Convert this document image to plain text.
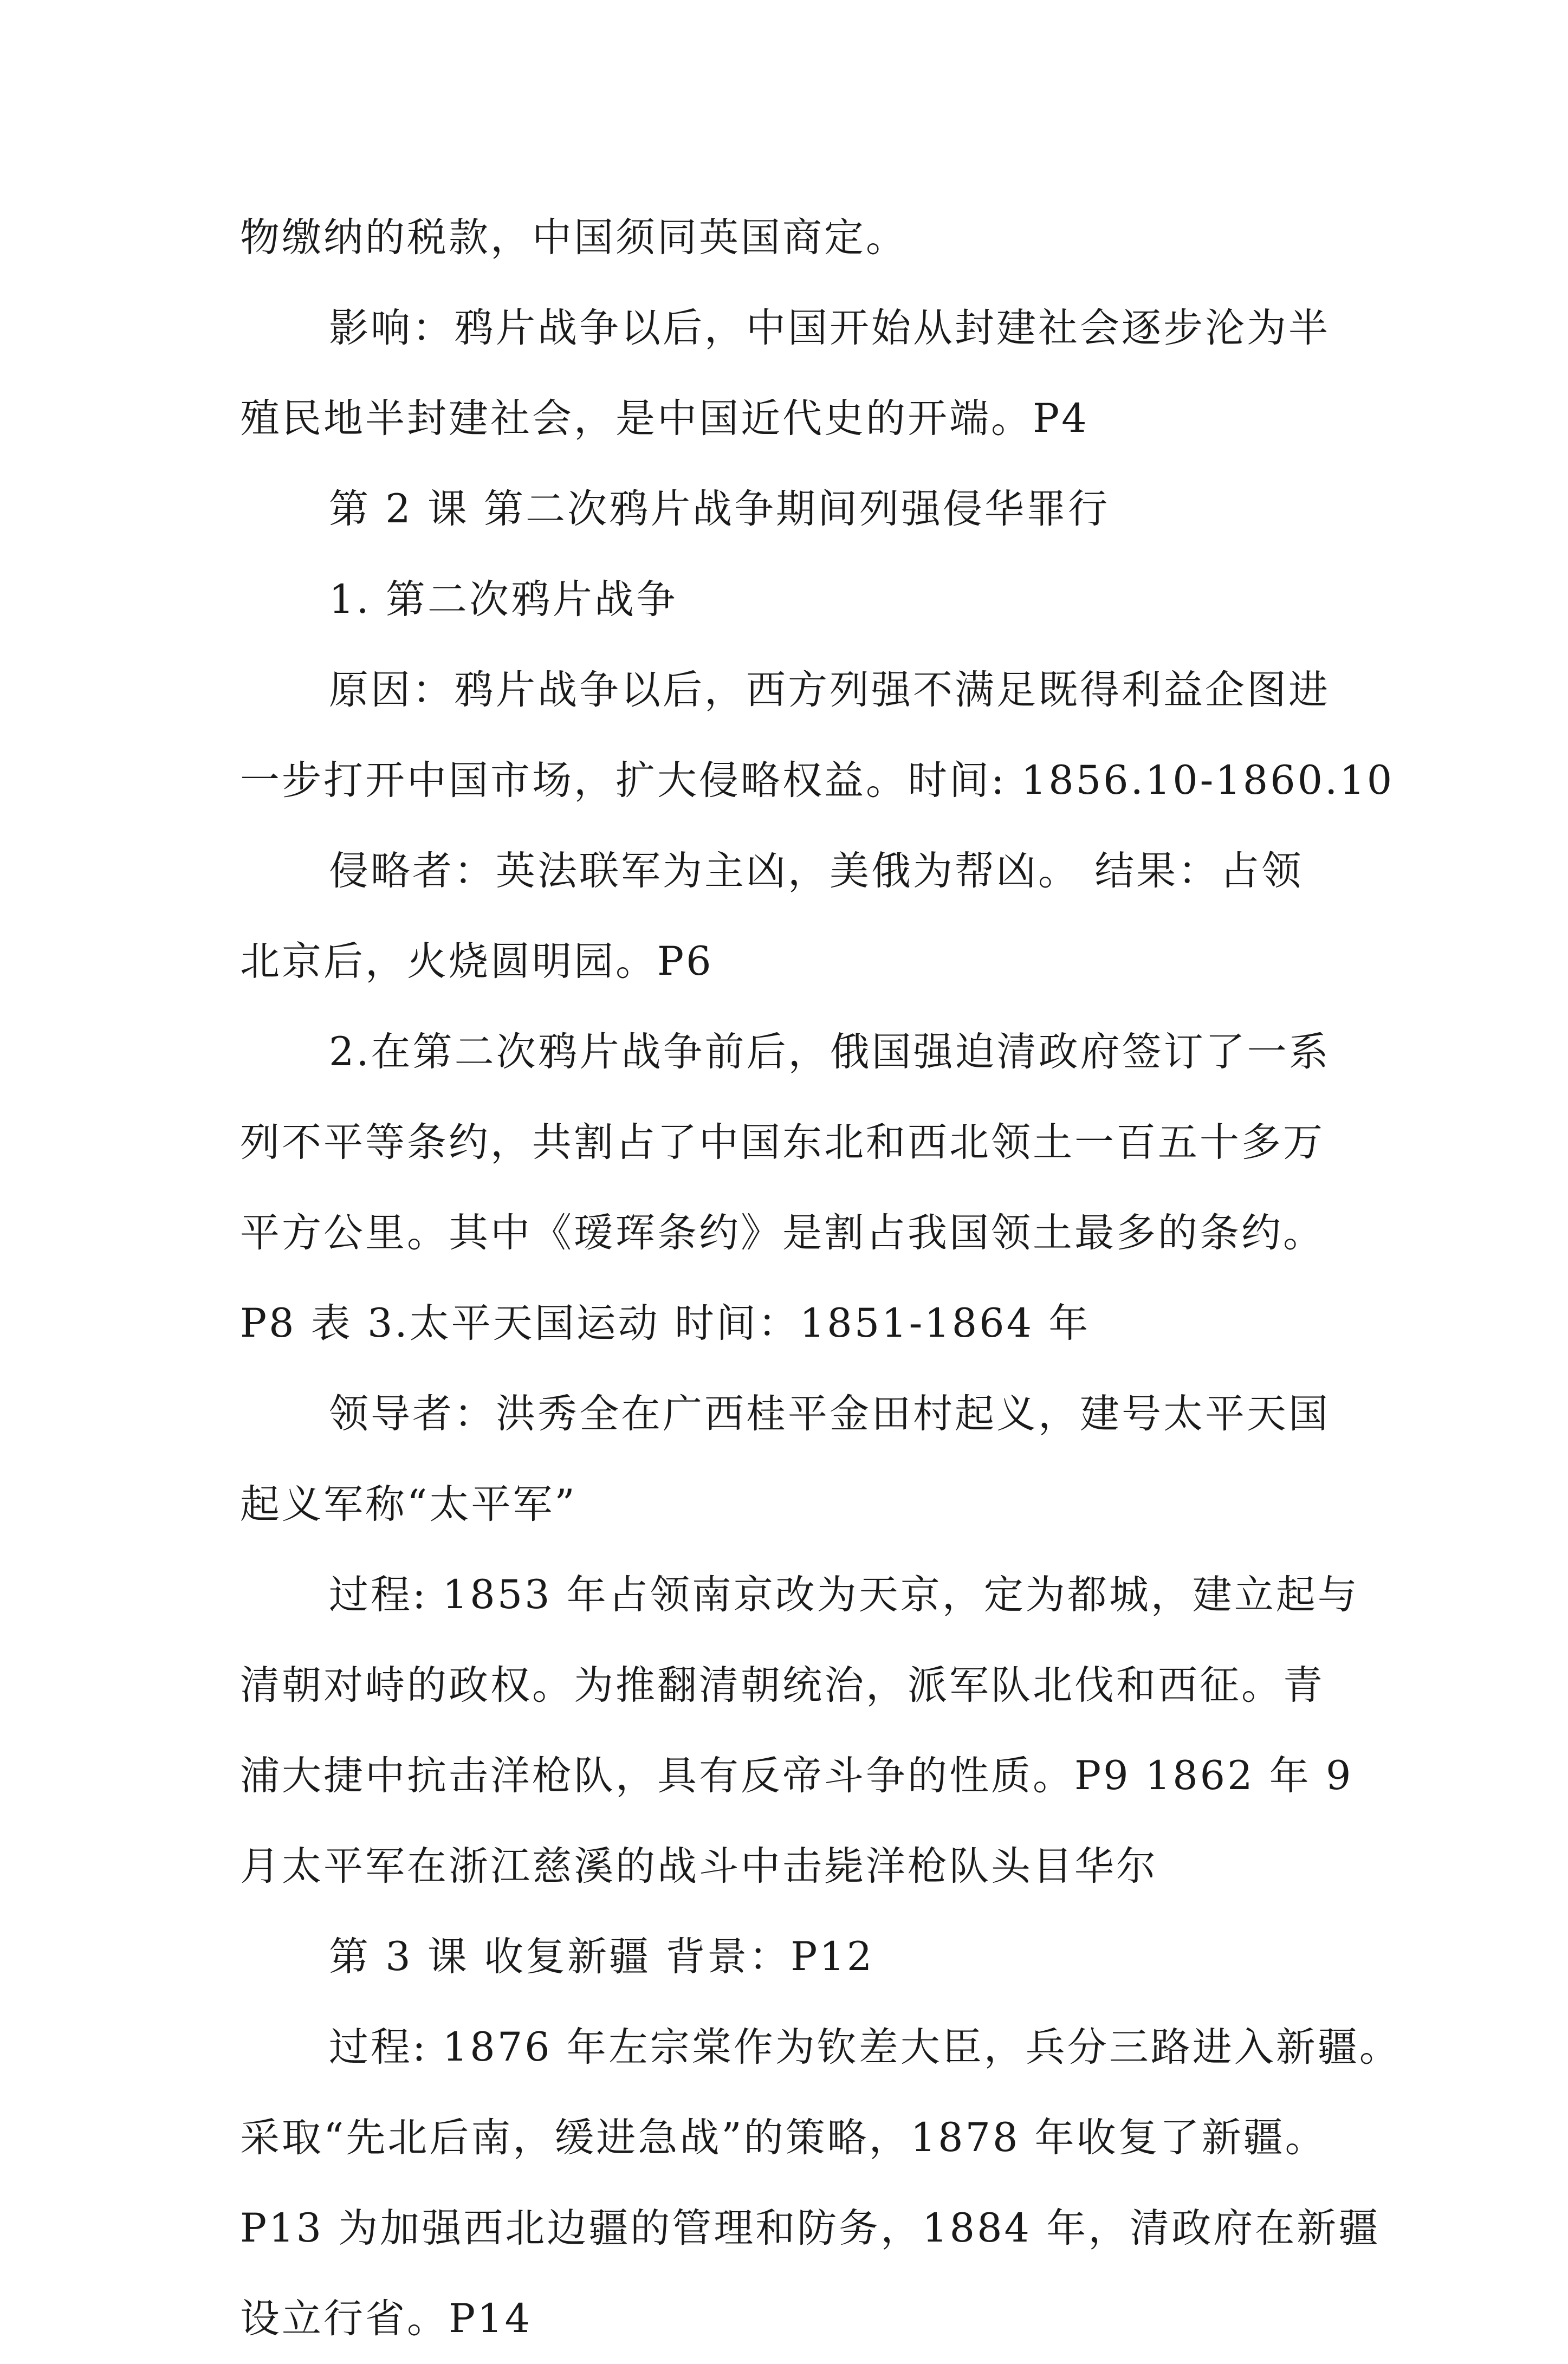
物缴纳的税款，中国须同英国商定。
影响：鸦片战争以后，中国开始从封建社会逐步沦为半
殖民地半封建社会，是中国近代史的开端。P4
第 2 课 第二次鸦片战争期间列强侵华罪行
1. 第二次鸦片战争
原因：鸦片战争以后，西方列强不满足既得利益企图进
一步打开中国市场，扩大侵略权益。时间: 1856.10-1860.10
侵略者：英法联军为主凶，美俄为帮凶。 结果：占领
北京后，火烧圆明园。P6
2.在第二次鸦片战争前后，俄国强迫清政府签订了一系
列不平等条约，共割占了中国东北和西北领土一百五十多万
平方公里。其中《瑷珲条约》是割占我国领土最多的条约。
P8 表 3.太平天国运动 时间：1851-1864 年
领导者：洪秀全在广西桂平金田村起义，建号太平天国
起义军称“太平军”
过程: 1853 年占领南京改为天京，定为都城，建立起与
清朝对峙的政权。为推翻清朝统治，派军队北伐和西征。青
浦大捷中抗击洋枪队，具有反帝斗争的性质。P9 1862 年 9
月太平军在浙江慈溪的战斗中击毙洋枪队头目华尔
第 3 课 收复新疆 背景：P12
过程: 1876 年左宗棠作为钦差大臣，兵分三路进入新疆。
采取“先北后南，缓进急战”的策略，1878 年收复了新疆。
P13 为加强西北边疆的管理和防务，1884 年，清政府在新疆
设立行省。P14
